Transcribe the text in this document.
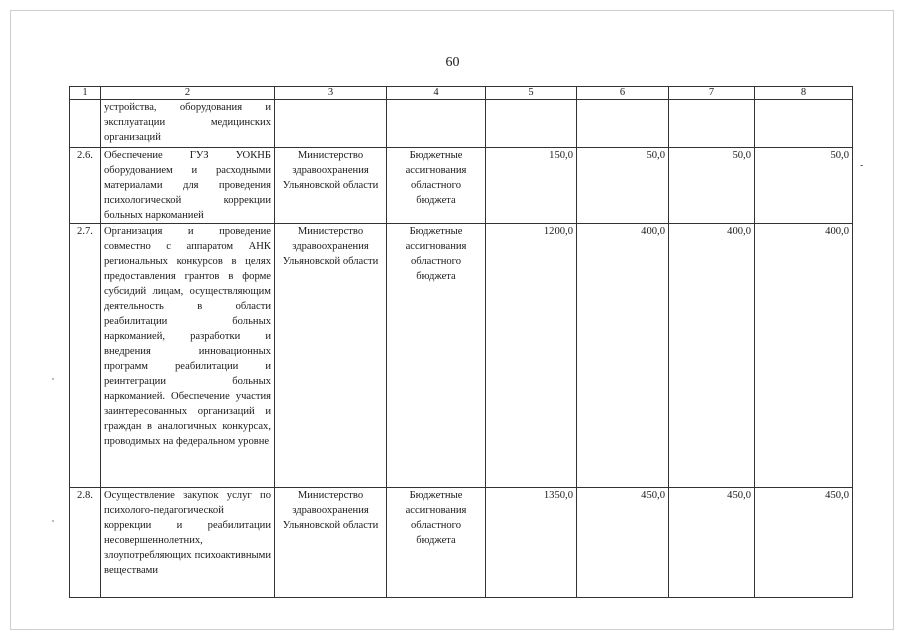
60
1	2	3	4	5	6	7	8
	устройства, оборудования и эксплуатации медицинских организаций						
2.6.	Обеспечение ГУЗ УОКНБ оборудованием и расходными материалами для проведения психологической коррекции больных наркоманией	Министерство здравоохранения Ульяновской области	Бюджетные ассигнования областного бюджета	150,0	50,0	50,0	50,0
2.7.	Организация и проведение совместно с аппаратом АНК региональных конкурсов в целях предоставления грантов в форме субсидий лицам, осуществляющим деятельность в области реабилитации больных наркоманией, разработки и внедрения инновационных программ реабилитации и реинтеграции больных наркоманией. Обеспечение участия заинтересованных организаций и граждан в аналогичных конкурсах, проводимых на федеральном уровне	Министерство здравоохранения Ульяновской области	Бюджетные ассигнования областного бюджета	1200,0	400,0	400,0	400,0
2.8.	Осуществление закупок услуг по психолого-педагогической коррекции и реабилитации несовершеннолетних, злоупотребляющих психоактивными веществами	Министерство здравоохранения Ульяновской области	Бюджетные ассигнования областного бюджета	1350,0	450,0	450,0	450,0
-
